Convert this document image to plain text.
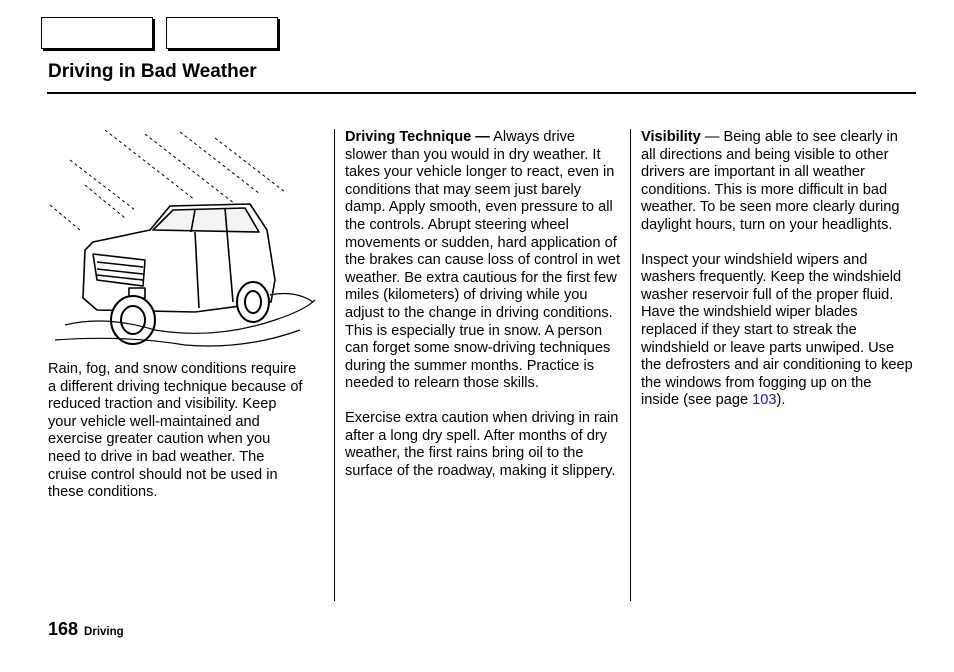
Driving in Bad Weather

Rain, fog, and snow conditions require a different driving technique because of reduced traction and visibility. Keep your vehicle well-maintained and exercise greater caution when you need to drive in bad weather. The cruise control should not be used in these conditions.

Driving Technique — Always drive slower than you would in dry weather. It takes your vehicle longer to react, even in conditions that may seem just barely damp. Apply smooth, even pressure to all the controls. Abrupt steering wheel movements or sudden, hard application of the brakes can cause loss of control in wet weather. Be extra cautious for the first few miles (kilometers) of driving while you adjust to the change in driving conditions. This is especially true in snow. A person can forget some snow-driving techniques during the summer months. Practice is needed to relearn those skills.

Exercise extra caution when driving in rain after a long dry spell. After months of dry weather, the first rains bring oil to the surface of the roadway, making it slippery.

Visibility — Being able to see clearly in all directions and being visible to other drivers are important in all weather conditions. This is more difficult in bad weather. To be seen more clearly during daylight hours, turn on your headlights.

Inspect your windshield wipers and washers frequently. Keep the windshield washer reservoir full of the proper fluid. Have the windshield wiper blades replaced if they start to streak the windshield or leave parts unwiped. Use the defrosters and air conditioning to keep the windows from fogging up on the inside (see page 103).

168 Driving
